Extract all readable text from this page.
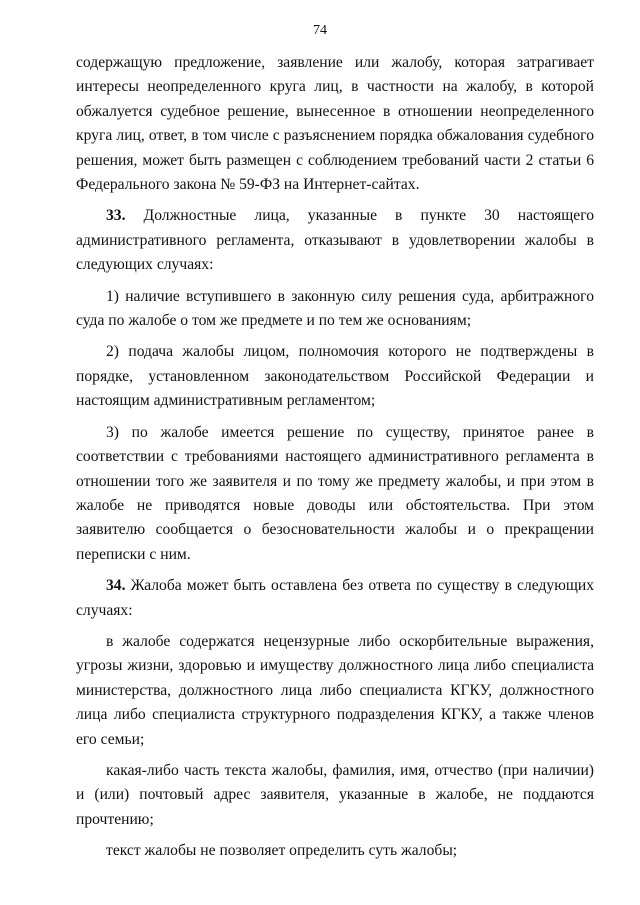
74

содержащую предложение, заявление или жалобу, которая затрагивает интересы неопределенного круга лиц, в частности на жалобу, в которой обжалуется судебное решение, вынесенное в отношении неопределенного круга лиц, ответ, в том числе с разъяснением порядка обжалования судебного решения, может быть размещен с соблюдением требований части 2 статьи 6 Федерального закона № 59-ФЗ на Интернет-сайтах.

33. Должностные лица, указанные в пункте 30 настоящего административного регламента, отказывают в удовлетворении жалобы в следующих случаях:

1) наличие вступившего в законную силу решения суда, арбитражного суда по жалобе о том же предмете и по тем же основаниям;

2) подача жалобы лицом, полномочия которого не подтверждены в порядке, установленном законодательством Российской Федерации и настоящим административным регламентом;

3) по жалобе имеется решение по существу, принятое ранее в соответствии с требованиями настоящего административного регламента в отношении того же заявителя и по тому же предмету жалобы, и при этом в жалобе не приводятся новые доводы или обстоятельства. При этом заявителю сообщается о безосновательности жалобы и о прекращении переписки с ним.

34. Жалоба может быть оставлена без ответа по существу в следующих случаях:

в жалобе содержатся нецензурные либо оскорбительные выражения, угрозы жизни, здоровью и имуществу должностного лица либо специалиста министерства, должностного лица либо специалиста КГКУ, должностного лица либо специалиста структурного подразделения КГКУ, а также членов его семьи;

какая-либо часть текста жалобы, фамилия, имя, отчество (при наличии) и (или) почтовый адрес заявителя, указанные в жалобе, не поддаются прочтению;

текст жалобы не позволяет определить суть жалобы;
